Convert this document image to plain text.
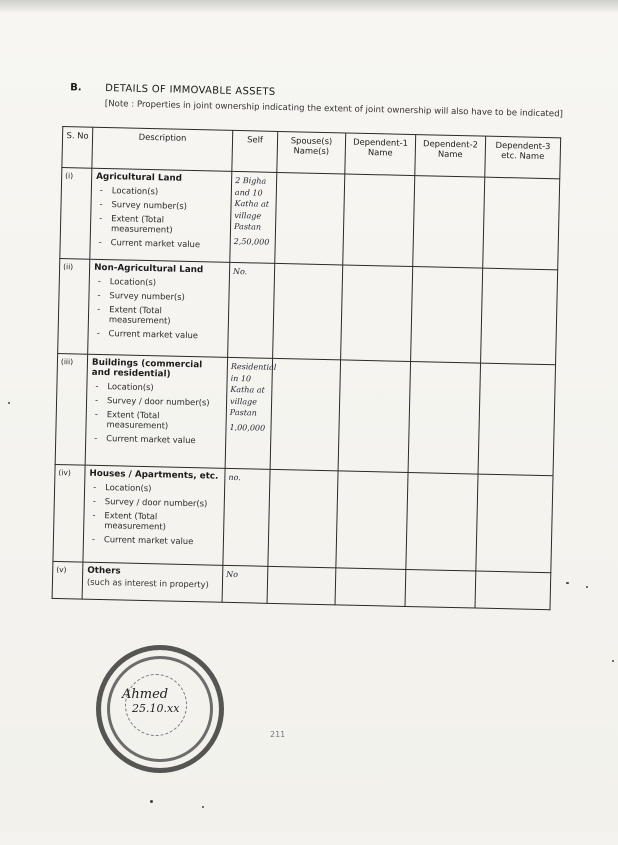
B. DETAILS OF IMMOVABLE ASSETS
[Note : Properties in joint ownership indicating the extent of joint ownership will also have to be indicated]
S. No	Description	Self	Spouse(s) Name(s)	Dependent-1 Name	Dependent-2 Name	Dependent-3 etc. Name
(i)	Agricultural Land
- Location(s)
- Survey number(s)
- Extent (Total measurement)
- Current market value	2 Bigha and 10 Katha at village Pastan
2,50,000				

(ii)	Non-Agricultural Land
- Location(s)
- Survey number(s)
- Extent (Total measurement)
- Current market value	No.				
(iii)	Buildings (commercial and residential)
- Location(s)
- Survey / door number(s)
- Extent (Total measurement)
- Current market value	Residential in 10 Katha at village Pastan
1,00,000				

(iv)	Houses / Apartments, etc.
- Location(s)
- Survey / door number(s)
- Extent (Total measurement)
- Current market value	no.				
(v)	Others
(such as interest in property)	No				
Ahmed
25.10.xx
211
